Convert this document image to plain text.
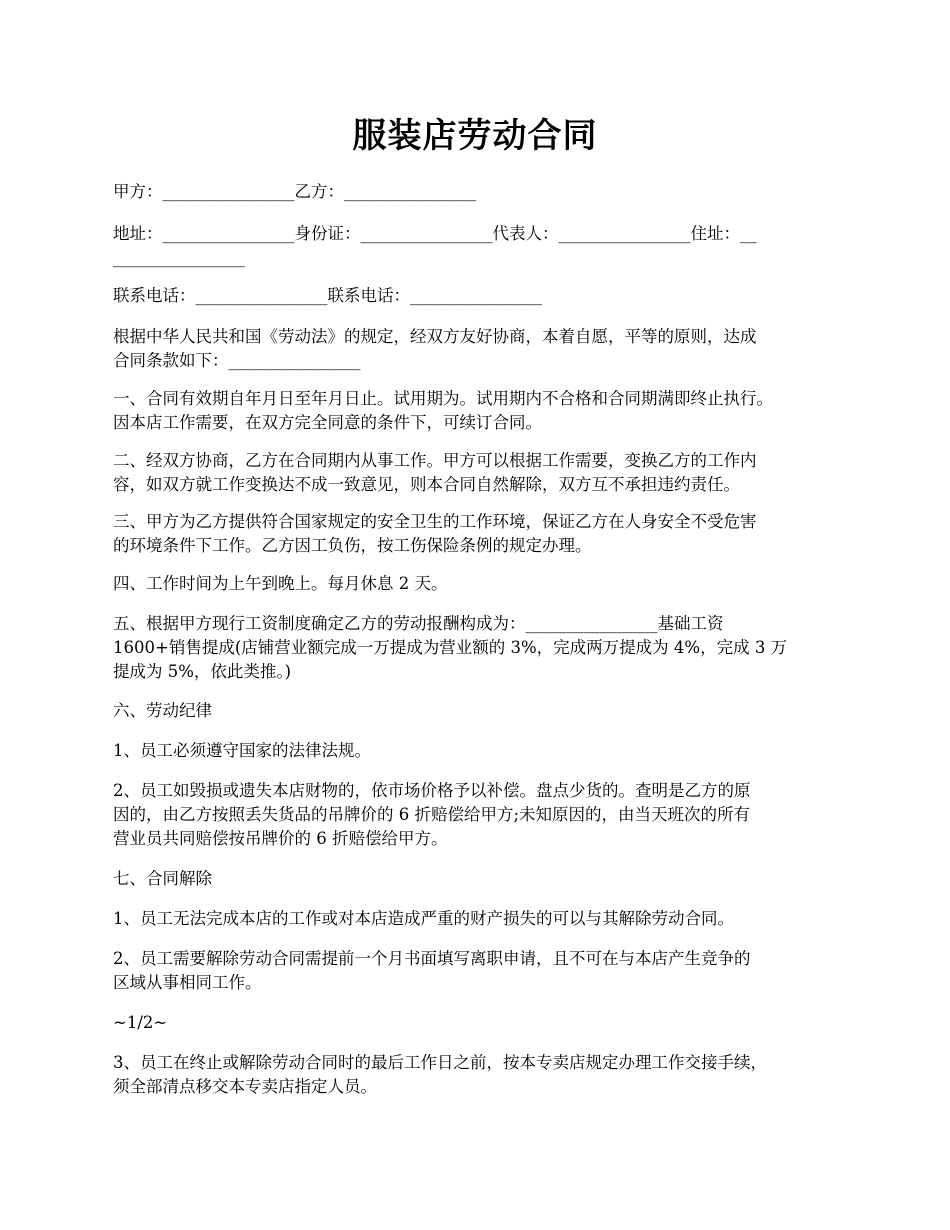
服装店劳动合同
甲方：________________乙方：________________
地址：________________身份证：________________代表人：________________住址：__
________________
联系电话：________________联系电话：________________
根据中华人民共和国《劳动法》的规定，经双方友好协商，本着自愿，平等的原则，达成
合同条款如下：________________
一、合同有效期自年月日至年月日止。试用期为。试用期内不合格和合同期满即终止执行。
因本店工作需要，在双方完全同意的条件下，可续订合同。
二、经双方协商，乙方在合同期内从事工作。甲方可以根据工作需要，变换乙方的工作内
容，如双方就工作变换达不成一致意见，则本合同自然解除，双方互不承担违约责任。
三、甲方为乙方提供符合国家规定的安全卫生的工作环境，保证乙方在人身安全不受危害
的环境条件下工作。乙方因工负伤，按工伤保险条例的规定办理。
四、工作时间为上午到晚上。每月休息 2 天。
五、根据甲方现行工资制度确定乙方的劳动报酬构成为：________________基础工资
1600+销售提成(店铺营业额完成一万提成为营业额的 3%，完成两万提成为 4%，完成 3 万
提成为 5%，依此类推。)
六、劳动纪律
1、员工必须遵守国家的法律法规。
2、员工如毁损或遗失本店财物的，依市场价格予以补偿。盘点少货的。查明是乙方的原
因的，由乙方按照丢失货品的吊牌价的 6 折赔偿给甲方;未知原因的，由当天班次的所有
营业员共同赔偿按吊牌价的 6 折赔偿给甲方。
七、合同解除
1、员工无法完成本店的工作或对本店造成严重的财产损失的可以与其解除劳动合同。
2、员工需要解除劳动合同需提前一个月书面填写离职申请，且不可在与本店产生竞争的
区域从事相同工作。
~1/2~
3、员工在终止或解除劳动合同时的最后工作日之前，按本专卖店规定办理工作交接手续，
须全部清点移交本专卖店指定人员。
